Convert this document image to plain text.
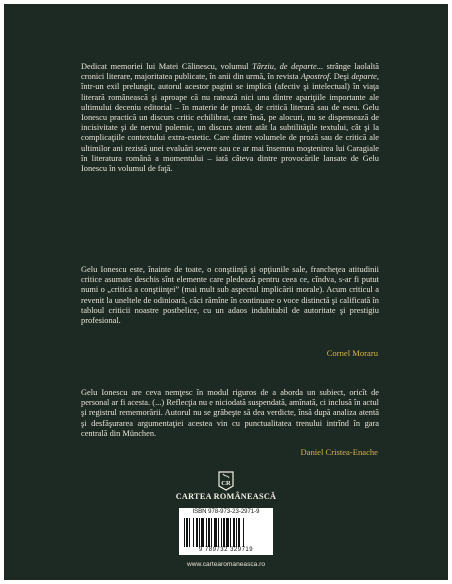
Dedicat memoriei lui Matei Călinescu, volumul Târziu, de departe... strânge laolaltă cronici literare, majoritatea publicate, în anii din urmă, în revista Apostrof. Deşi departe, într-un exil prelungit, autorul acestor pagini se implică (afectiv şi intelectual) în viaţa literară românească şi aproape că nu ratează nici una dintre apariţiile importante ale ultimului deceniu editorial – în materie de proză, de critică literară sau de eseu. Gelu Ionescu practică un discurs critic echilibrat, care însă, pe alocuri, nu se dispensează de incisivitate şi de nervul polemic, un discurs atent atât la subtilităţile textului, cât şi la complicaţiile contextului extra-estetic. Care dintre volumele de proză sau de critică ale ultimilor ani rezistă unei evaluări severe sau ce ar mai însemna moştenirea lui Caragiale în literatura română a momentului – iată câteva dintre provocările lansate de Gelu Ionescu în volumul de faţă.

Gelu Ionescu este, înainte de toate, o conştiinţă şi opţiunile sale, francheţea atitudinii critice asumate deschis sînt elemente care pledează pentru ceea ce, cîndva, s-ar fi putut numi o „critică a conştiinţei” (mai mult sub aspectul implicării morale). Acum criticul a revenit la uneltele de odinioară, căci rămîne în continuare o voce distinctă şi calificată în tabloul criticii noastre postbelice, cu un adaos indubitabil de autoritate şi prestigiu profesional.

Cornel Moraru

Gelu Ionescu are ceva nemţesc în modul riguros de a aborda un subiect, oricît de personal ar fi acesta. (...) Reflecţia nu e niciodată suspendată, amînată, ci inclusă în actul şi registrul rememorării. Autorul nu se grăbeşte să dea verdicte, însă după analiza atentă şi desfăşurarea argumentaţiei acestea vin cu punctualitatea trenului intrînd în gara centrală din München.

Daniel Cristea-Enache
CR
CARTEA ROMÂNEASCĂ
ISBN 978-973-23-2971-9
9 789732 329719
www.cartearomaneasca.ro
